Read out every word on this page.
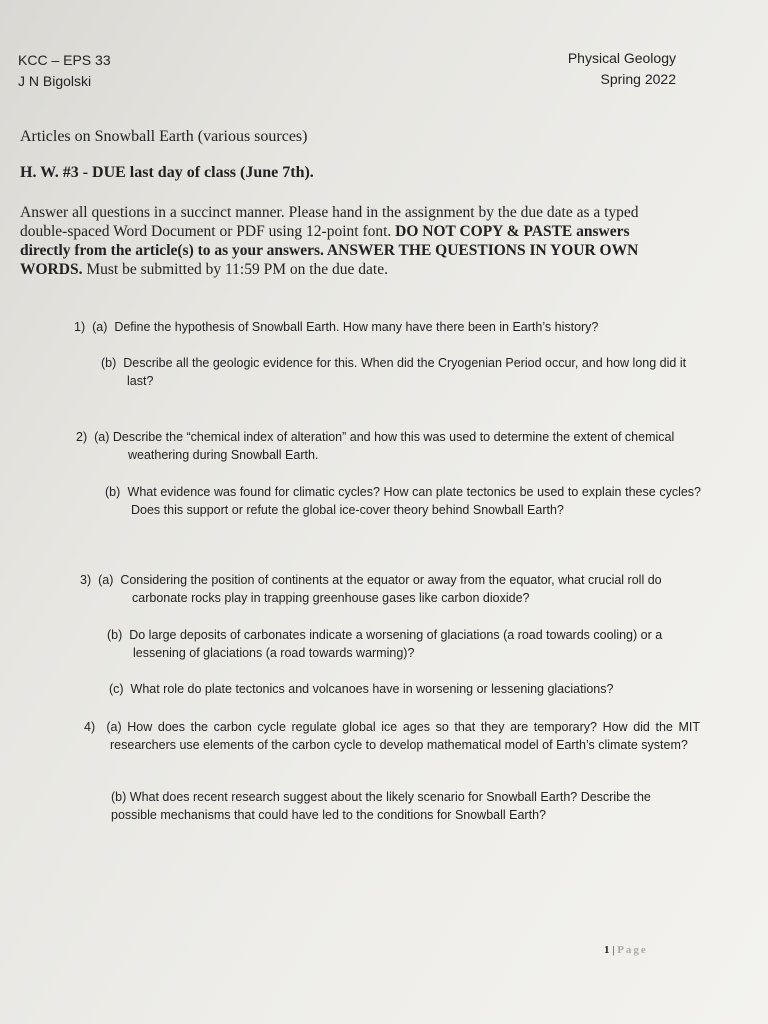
KCC – EPS 33
J N Bigolski
Physical Geology
Spring 2022
Articles on Snowball Earth (various sources)
H. W. #3 - DUE last day of class (June 7th).
Answer all questions in a succinct manner. Please hand in the assignment by the due date as a typed double-spaced Word Document or PDF using 12-point font. DO NOT COPY & PASTE answers directly from the article(s) to as your answers. ANSWER THE QUESTIONS IN YOUR OWN WORDS. Must be submitted by 11:59 PM on the due date.
1) (a) Define the hypothesis of Snowball Earth. How many have there been in Earth’s history?
(b) Describe all the geologic evidence for this. When did the Cryogenian Period occur, and how long did it last?
2) (a) Describe the “chemical index of alteration” and how this was used to determine the extent of chemical weathering during Snowball Earth.
(b) What evidence was found for climatic cycles? How can plate tectonics be used to explain these cycles? Does this support or refute the global ice-cover theory behind Snowball Earth?
3) (a) Considering the position of continents at the equator or away from the equator, what crucial roll do carbonate rocks play in trapping greenhouse gases like carbon dioxide?
(b) Do large deposits of carbonates indicate a worsening of glaciations (a road towards cooling) or a lessening of glaciations (a road towards warming)?
(c) What role do plate tectonics and volcanoes have in worsening or lessening glaciations?
4) (a) How does the carbon cycle regulate global ice ages so that they are temporary? How did the MIT researchers use elements of the carbon cycle to develop mathematical model of Earth’s climate system?
(b) What does recent research suggest about the likely scenario for Snowball Earth? Describe the possible mechanisms that could have led to the conditions for Snowball Earth?
1 | Page
